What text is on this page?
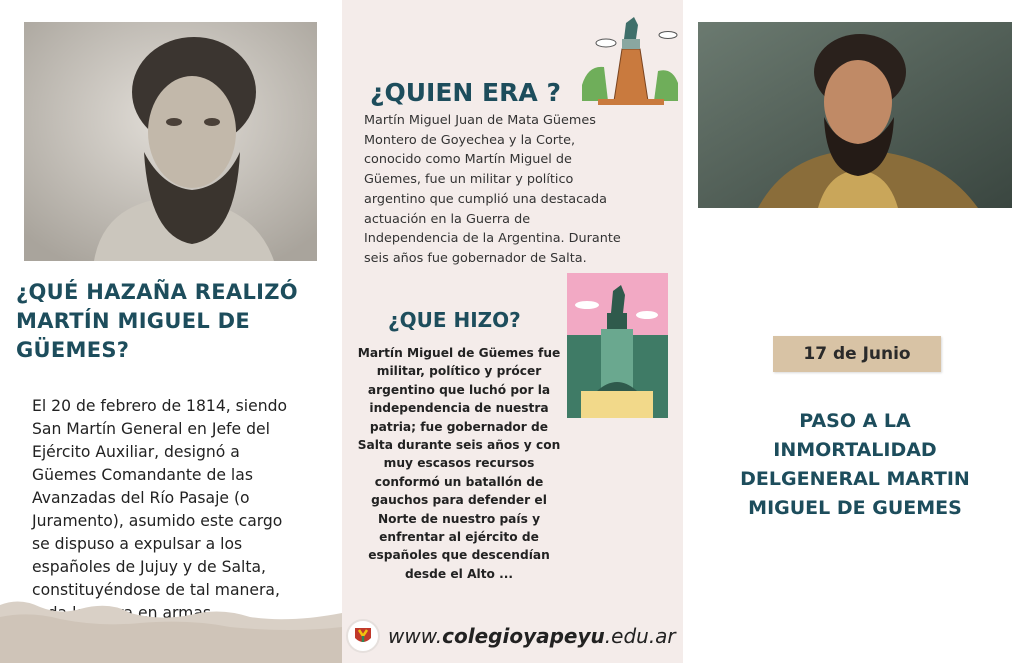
¿QUÉ HAZAÑA REALIZÓ MARTÍN MIGUEL DE GÜEMES?
El 20 de febrero de 1814, siendo San Martín General en Jefe del Ejército Auxiliar, designó a Güemes Comandante de las Avanzadas del Río Pasaje (o Juramento), asumido este cargo se dispuso a expulsar a los españoles de Jujuy y de Salta, constituyéndose de tal manera, en armas
¿QUIEN ERA ?
Martín Miguel Juan de Mata Güemes Montero de Goyechea y la Corte, conocido como Martín Miguel de Güemes, fue un militar y político argentino que cumplió una destacada actuación en la Guerra de Independencia de la Argentina. Durante seis años fue gobernador de Salta.
¿QUE HIZO?
Martín Miguel de Güemes fue militar, político y prócer argentino que luchó por la independencia de nuestra patria; fue gobernador de Salta durante seis años y con muy escasos recursos conformó un batallón de gauchos para defender el Norte de nuestro país y enfrentar al ejército de españoles que descendían desde el Alto ...
www.colegioyapeyu.edu.ar
17 de Junio
PASO A LA INMORTALIDAD DELGENERAL MARTIN MIGUEL DE GUEMES
